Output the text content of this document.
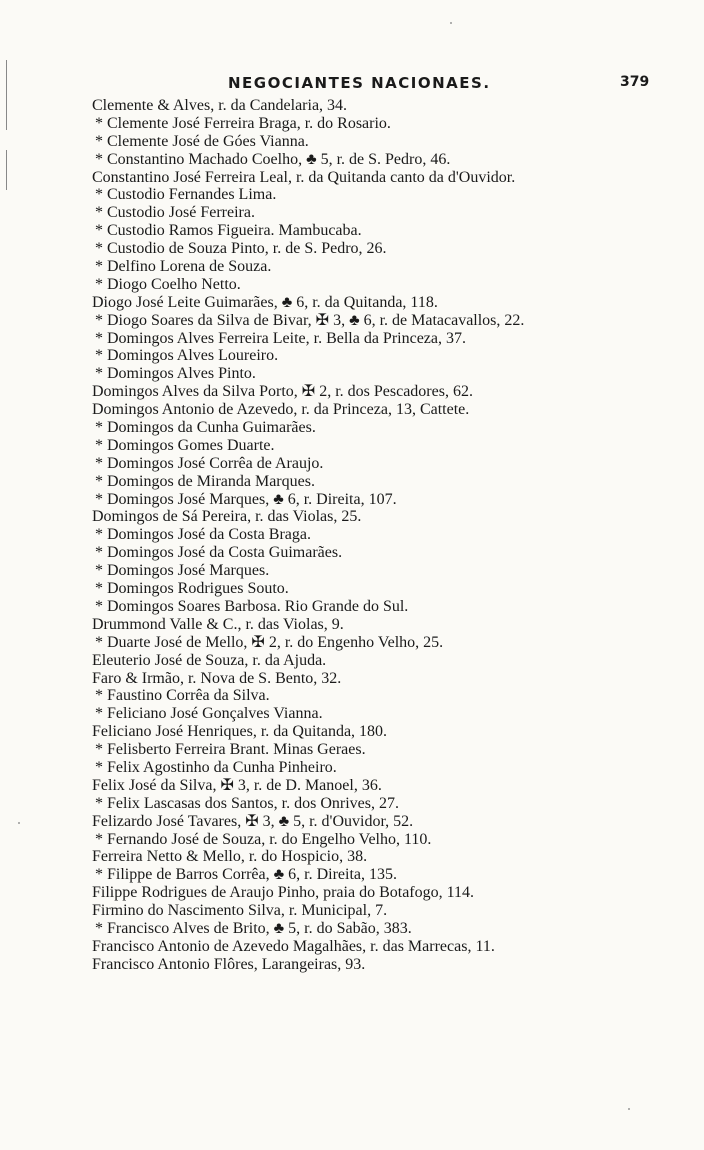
NEGOCIANTES NACIONAES.	379
Clemente & Alves, r. da Candelaria, 34.
* Clemente José Ferreira Braga, r. do Rosario.
* Clemente José de Góes Vianna.
* Constantino Machado Coelho, ♣ 5, r. de S. Pedro, 46.
Constantino José Ferreira Leal, r. da Quitanda canto da d'Ouvidor.
* Custodio Fernandes Lima.
* Custodio José Ferreira.
* Custodio Ramos Figueira. Mambucaba.
* Custodio de Souza Pinto, r. de S. Pedro, 26.
* Delfino Lorena de Souza.
* Diogo Coelho Netto.
Diogo José Leite Guimarães, ♣ 6, r. da Quitanda, 118.
* Diogo Soares da Silva de Bivar, ✠ 3, ♣ 6, r. de Matacavallos, 22.
* Domingos Alves Ferreira Leite, r. Bella da Princeza, 37.
* Domingos Alves Loureiro.
* Domingos Alves Pinto.
Domingos Alves da Silva Porto, ✠ 2, r. dos Pescadores, 62.
Domingos Antonio de Azevedo, r. da Princeza, 13, Cattete.
* Domingos da Cunha Guimarães.
* Domingos Gomes Duarte.
* Domingos José Corrêa de Araujo.
* Domingos de Miranda Marques.
* Domingos José Marques, ♣ 6, r. Direita, 107.
Domingos de Sá Pereira, r. das Violas, 25.
* Domingos José da Costa Braga.
* Domingos José da Costa Guimarães.
* Domingos José Marques.
* Domingos Rodrigues Souto.
* Domingos Soares Barbosa. Rio Grande do Sul.
Drummond Valle & C., r. das Violas, 9.
* Duarte José de Mello, ✠ 2, r. do Engenho Velho, 25.
Eleuterio José de Souza, r. da Ajuda.
Faro & Irmão, r. Nova de S. Bento, 32.
* Faustino Corrêa da Silva.
* Feliciano José Gonçalves Vianna.
Feliciano José Henriques, r. da Quitanda, 180.
* Felisberto Ferreira Brant. Minas Geraes.
* Felix Agostinho da Cunha Pinheiro.
Felix José da Silva, ✠ 3, r. de D. Manoel, 36.
* Felix Lascasas dos Santos, r. dos Onrives, 27.
Felizardo José Tavares, ✠ 3, ♣ 5, r. d'Ouvidor, 52.
* Fernando José de Souza, r. do Engelho Velho, 110.
Ferreira Netto & Mello, r. do Hospicio, 38.
* Filippe de Barros Corrêa, ♣ 6, r. Direita, 135.
Filippe Rodrigues de Araujo Pinho, praia do Botafogo, 114.
Firmino do Nascimento Silva, r. Municipal, 7.
* Francisco Alves de Brito, ♣ 5, r. do Sabão, 383.
Francisco Antonio de Azevedo Magalhães, r. das Marrecas, 11.
Francisco Antonio Flôres, Larangeiras, 93.
